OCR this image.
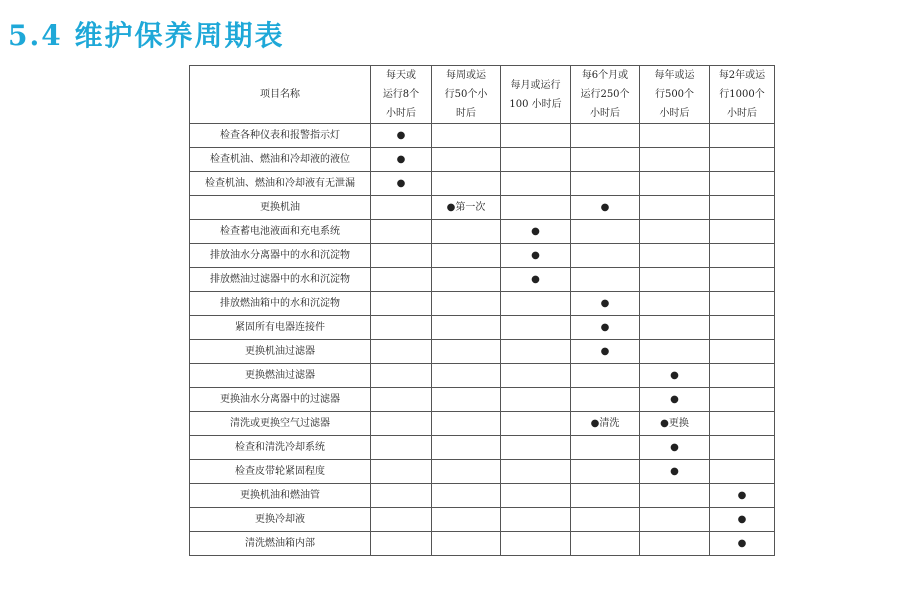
5.4 维护保养周期表
项目名称	每天或
运行8个
小时后	每周或运
行50个小
时后	每月或运行
100 小时后	每6个月或
运行250个
小时后	每年或运
行500个
小时后	每2年或运
行1000个
小时后

检查各种仪表和报警指示灯	●					
检查机油、燃油和冷却液的液位	●					
检查机油、燃油和冷却液有无泄漏	●					
更换机油		●第一次		●		
检查蓄电池液面和充电系统			●			
排放油水分离器中的水和沉淀物			●			
排放燃油过滤器中的水和沉淀物			●			
排放燃油箱中的水和沉淀物				●		
紧固所有电器连接件				●		
更换机油过滤器				●		
更换燃油过滤器					●	
更换油水分离器中的过滤器					●	
清洗或更换空气过滤器				●清洗	●更换	
检查和清洗冷却系统					●	
检查皮带轮紧固程度					●	
更换机油和燃油管						●
更换冷却液						●
清洗燃油箱内部						●
